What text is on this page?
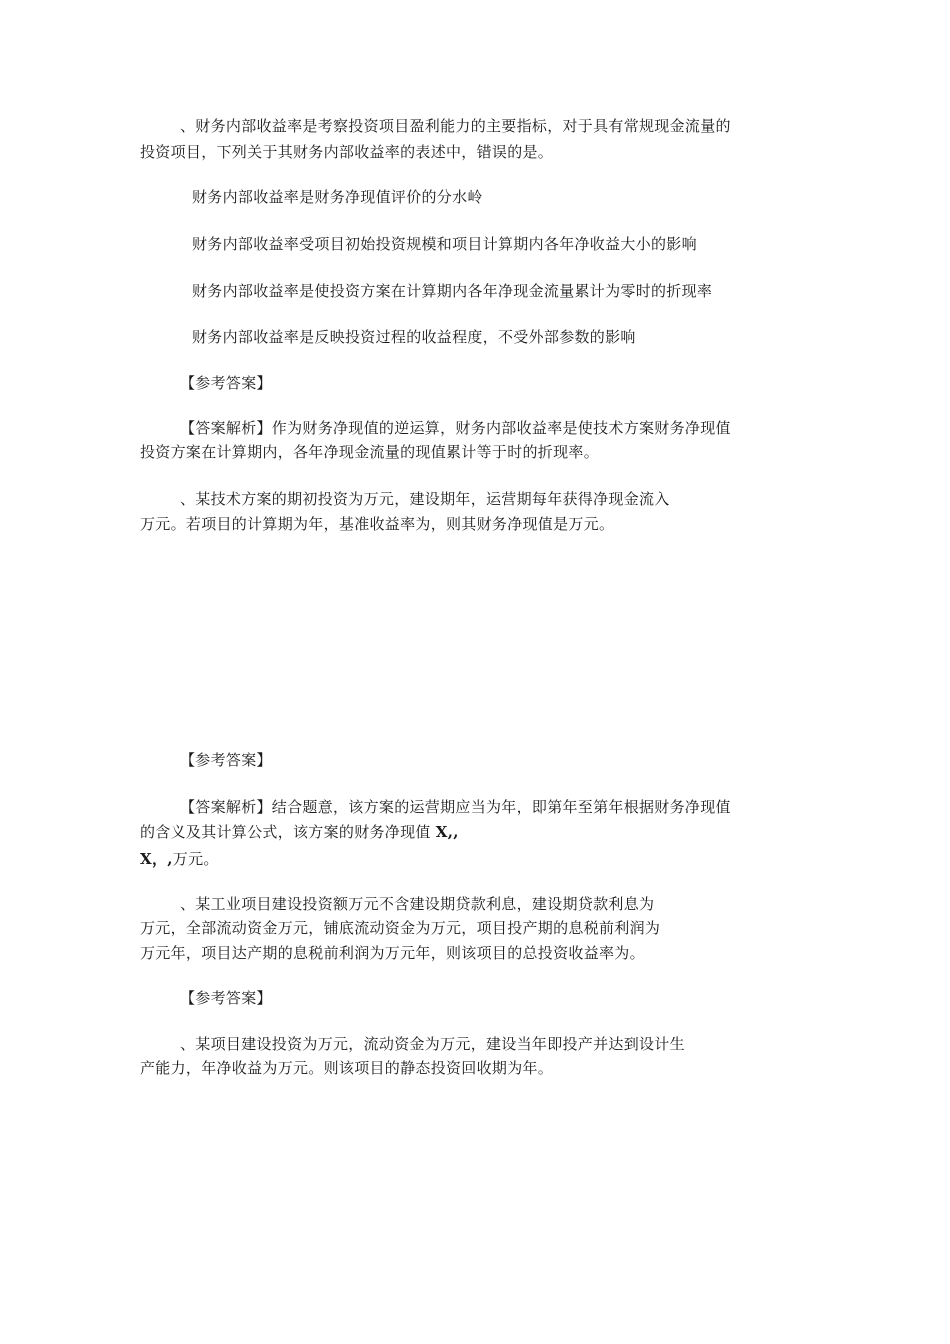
、财务内部收益率是考察投资项目盈利能力的主要指标，对于具有常规现金流量的
投资项目，下列关于其财务内部收益率的表述中，错误的是。
财务内部收益率是财务净现值评价的分水岭
财务内部收益率受项目初始投资规模和项目计算期内各年净收益大小的影响
财务内部收益率是使投资方案在计算期内各年净现金流量累计为零时的折现率
财务内部收益率是反映投资过程的收益程度，不受外部参数的影响
【参考答案】
【答案解析】作为财务净现值的逆运算，财务内部收益率是使技术方案财务净现值
投资方案在计算期内，各年净现金流量的现值累计等于时的折现率。
、某技术方案的期初投资为万元，建设期年，运营期每年获得净现金流入
万元。若项目的计算期为年，基准收益率为，则其财务净现值是万元。
【参考答案】
【答案解析】结合题意，该方案的运营期应当为年，即第年至第年根据财务净现值
的含义及其计算公式，该方案的财务净现值 X,,
X，,万元。
、某工业项目建设投资额万元不含建设期贷款利息，建设期贷款利息为
万元，全部流动资金万元，铺底流动资金为万元，项目投产期的息税前利润为
万元年，项目达产期的息税前利润为万元年，则该项目的总投资收益率为。
【参考答案】
、某项目建设投资为万元，流动资金为万元，建设当年即投产并达到设计生
产能力，年净收益为万元。则该项目的静态投资回收期为年。
